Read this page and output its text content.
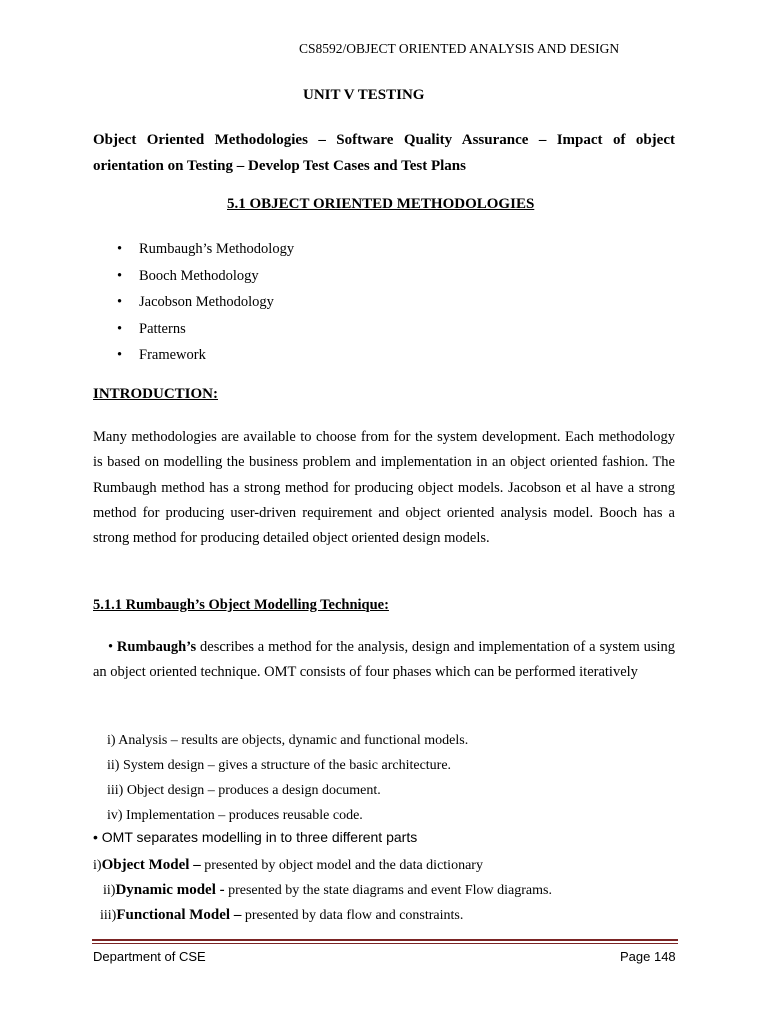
CS8592/OBJECT ORIENTED ANALYSIS AND DESIGN
UNIT V TESTING
Object Oriented Methodologies – Software Quality Assurance – Impact of object orientation on Testing – Develop Test Cases and Test Plans
5.1 OBJECT ORIENTED METHODOLOGIES
• Rumbaugh’s Methodology
• Booch Methodology
• Jacobson Methodology
• Patterns
• Framework
INTRODUCTION:
Many methodologies are available to choose from for the system development. Each methodology is based on modelling the business problem and implementation in an object oriented fashion. The Rumbaugh method has a strong method for producing object models. Jacobson et al have a strong method for producing user-driven requirement and object oriented analysis model. Booch has a strong method for producing detailed object oriented design models.
5.1.1 Rumbaugh’s Object Modelling Technique:
• Rumbaugh’s describes a method for the analysis, design and implementation of a system using an object oriented technique. OMT consists of four phases which can be performed iteratively
i) Analysis – results are objects, dynamic and functional models.
ii) System design – gives a structure of the basic architecture.
iii) Object design – produces a design document.
iv) Implementation – produces reusable code.
• OMT separates modelling in to three different parts
i)Object Model – presented by object model and the data dictionary
ii)Dynamic model - presented by the state diagrams and event Flow diagrams.
iii)Functional Model – presented by data flow and constraints.
Department of CSE	Page 148
